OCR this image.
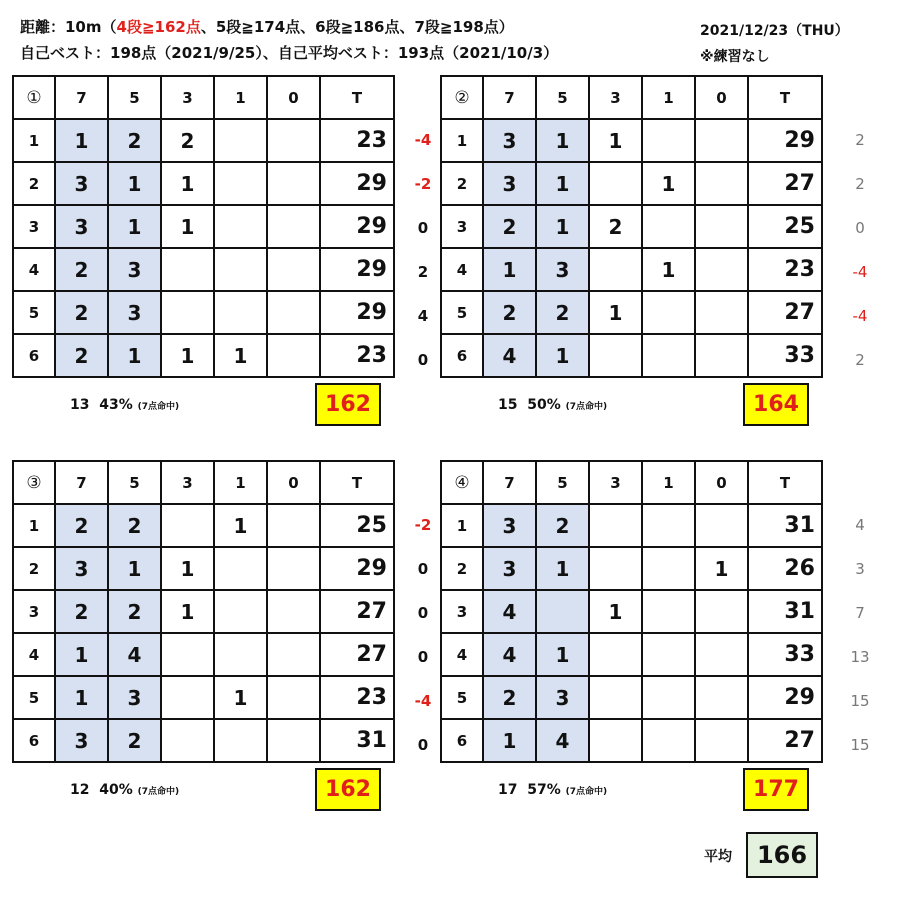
距離：10m（4段≧162点、5段≧174点、6段≧186点、7段≧198点）
自己ベスト：198点（2021/9/25）、自己平均ベスト：193点（2021/10/3）
2021/12/23（THU）
※練習なし
-4
-2
0
2
4
0
①	7	5	3	1	0	T
1	1	2	2			23
2	3	1	1			29
3	3	1	1			29
4	2	3				29
5	2	3				29
6	2	1	1	1		23
13 43% (7点命中)	162
2
2
0
-4
-4
2
②	7	5	3	1	0	T
1	3	1	1			29
2	3	1		1		27
3	2	1	2			25
4	1	3		1		23
5	2	2	1			27
6	4	1				33
15 50% (7点命中)	164
-2
0
0
0
-4
0
③	7	5	3	1	0	T
1	2	2		1		25
2	3	1	1			29
3	2	2	1			27
4	1	4				27
5	1	3		1		23
6	3	2				31
12 40% (7点命中)	162
4
3
7
13
15
15
④	7	5	3	1	0	T
1	3	2				31
2	3	1			1	26
3	4		1			31
4	4	1				33
5	2	3				29
6	1	4				27
17 57% (7点命中)	177
平均	166
